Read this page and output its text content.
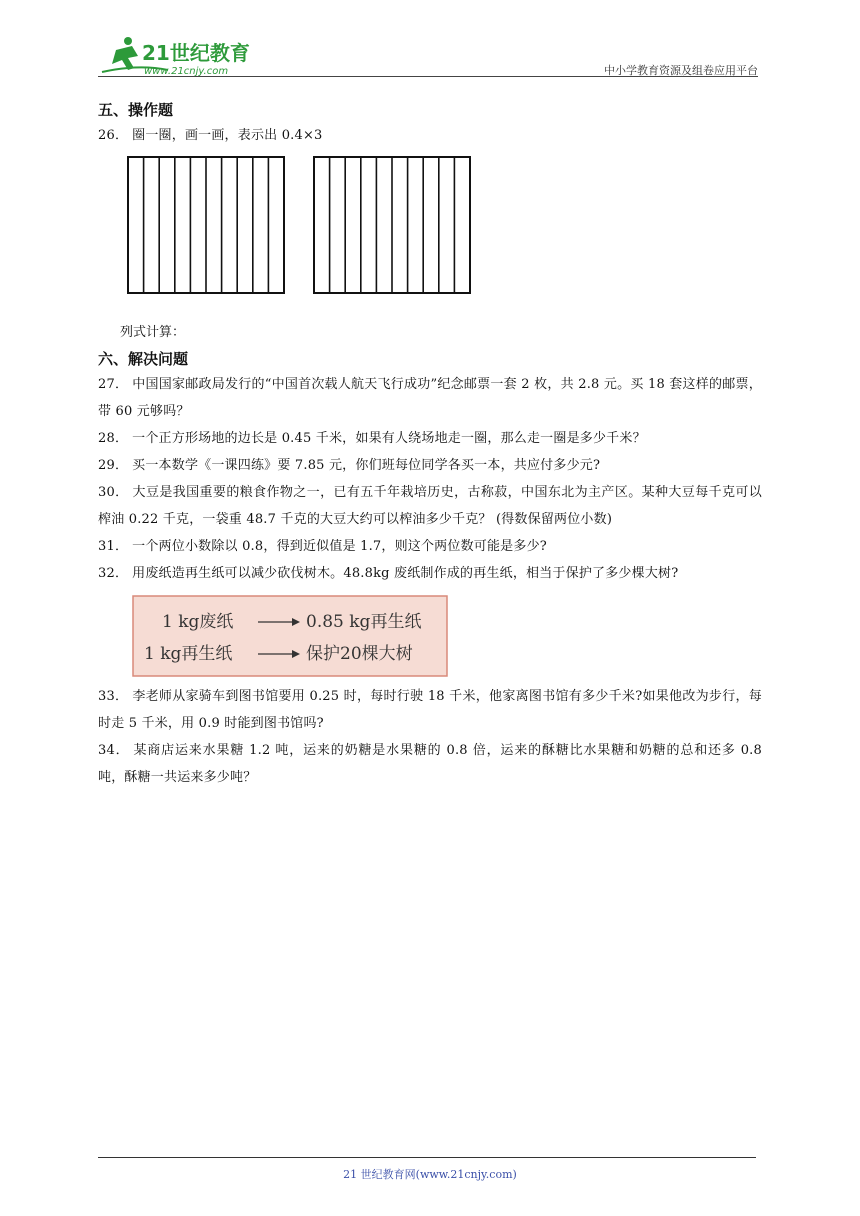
21世纪教育
www.21cnjy.com	中小学教育资源及组卷应用平台
五、操作题

26． 圈一圈，画一画，表示出 0.4×3

列式计算：

六、解决问题

27． 中国国家邮政局发行的“中国首次载人航天飞行成功”纪念邮票一套 2 枚，共 2.8 元。买 18 套这样的邮票，带 60 元够吗？

28． 一个正方形场地的边长是 0.45 千米，如果有人绕场地走一圈，那么走一圈是多少千米？

29． 买一本数学《一课四练》要 7.85 元，你们班每位同学各买一本，共应付多少元?

30． 大豆是我国重要的粮食作物之一，已有五千年栽培历史，古称菽，中国东北为主产区。某种大豆每千克可以榨油 0.22 千克，一袋重 48.7 千克的大豆大约可以榨油多少千克？ (得数保留两位小数)

31． 一个两位小数除以 0.8，得到近似值是 1.7，则这个两位数可能是多少?

32． 用废纸造再生纸可以减少砍伐树木。48.8kg 废纸制作成的再生纸，相当于保护了多少棵大树?

1 kg废纸	0.85 kg再生纸
1 kg再生纸	保护20棵大树

33． 李老师从家骑车到图书馆要用 0.25 时，每时行驶 18 千米，他家离图书馆有多少千米?如果他改为步行，每时走 5 千米，用 0.9 时能到图书馆吗?

34． 某商店运来水果糖 1.2 吨，运来的奶糖是水果糖的 0.8 倍，运来的酥糖比水果糖和奶糖的总和还多 0.8 吨，酥糖一共运来多少吨？

21 世纪教育网(www.21cnjy.com)
